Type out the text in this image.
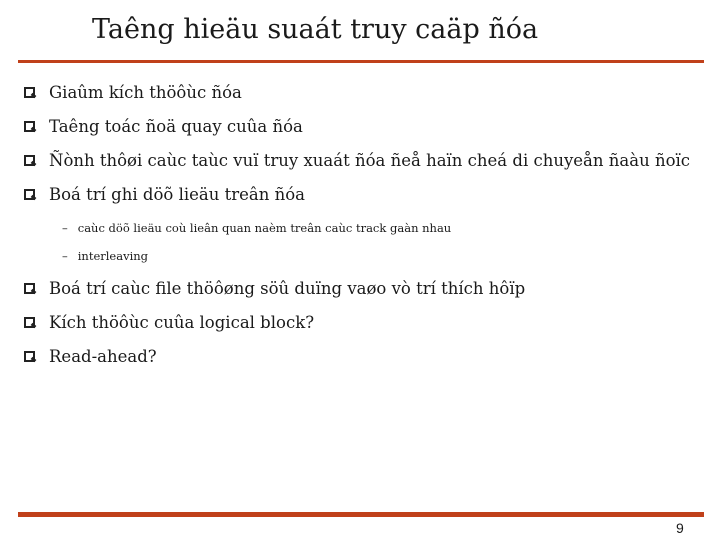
Taêng hieäu suaát truy caäp ñóa
Giaûm kích thöôùc ñóa
Taêng toác ñoä quay cuûa ñóa
Ñònh thôøi caùc taùc vuï truy xuaát ñóa ñeå haïn cheá di chuyeån ñaàu ñoïc
Boá trí ghi döõ lieäu treân ñóa
– caùc döõ lieäu coù lieân quan naèm treân caùc track gaàn nhau
– interleaving
Boá trí caùc file thöôøng söû duïng vaøo vò trí thích hôïp
Kích thöôùc cuûa logical block?
Read-ahead?
9
